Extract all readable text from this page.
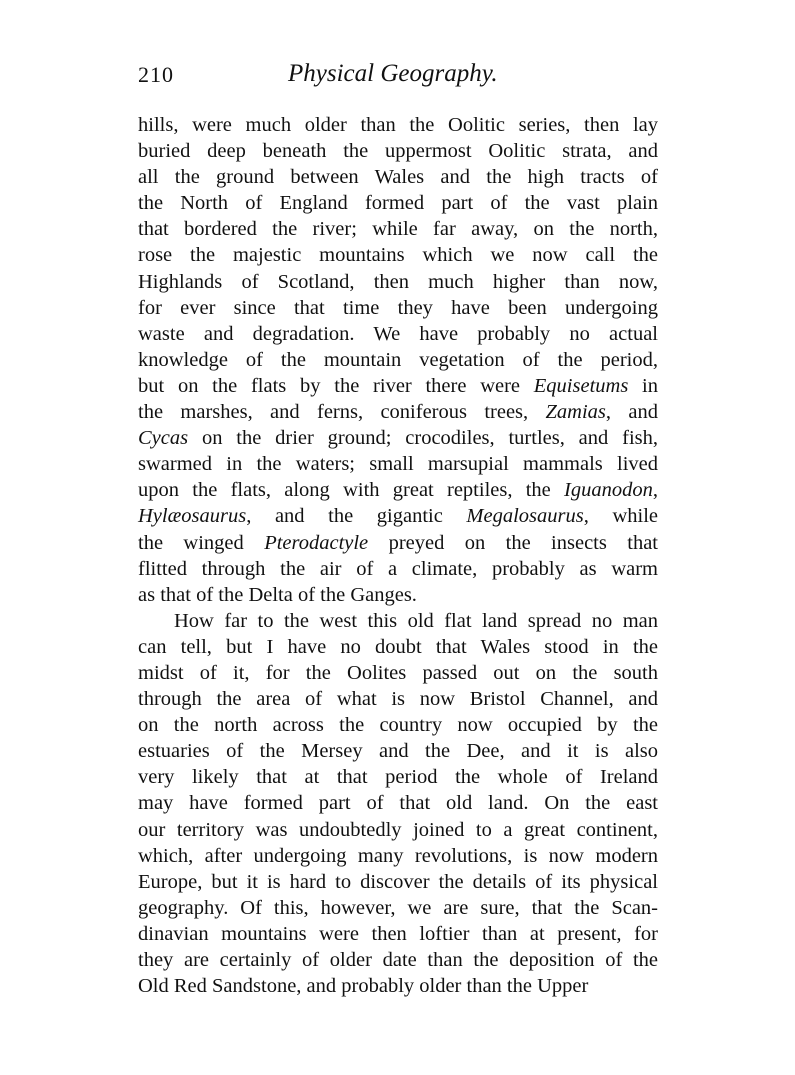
210	Physical Geography.
hills, were much older than the Oolitic series, then lay
buried deep beneath the uppermost Oolitic strata, and
all the ground between Wales and the high tracts of
the North of England formed part of the vast plain
that bordered the river; while far away, on the north,
rose the majestic mountains which we now call the
Highlands of Scotland, then much higher than now,
for ever since that time they have been undergoing
waste and degradation. We have probably no actual
knowledge of the mountain vegetation of the period,
but on the flats by the river there were Equisetums in
the marshes, and ferns, coniferous trees, Zamias, and
Cycas on the drier ground; crocodiles, turtles, and fish,
swarmed in the waters; small marsupial mammals lived
upon the flats, along with great reptiles, the Iguanodon,
Hylæosaurus, and the gigantic Megalosaurus, while
the winged Pterodactyle preyed on the insects that
flitted through the air of a climate, probably as warm
as that of the Delta of the Ganges.
How far to the west this old flat land spread no man
can tell, but I have no doubt that Wales stood in the
midst of it, for the Oolites passed out on the south
through the area of what is now Bristol Channel, and
on the north across the country now occupied by the
estuaries of the Mersey and the Dee, and it is also
very likely that at that period the whole of Ireland
may have formed part of that old land. On the east
our territory was undoubtedly joined to a great continent,
which, after undergoing many revolutions, is now modern
Europe, but it is hard to discover the details of its physical
geography. Of this, however, we are sure, that the Scan-
dinavian mountains were then loftier than at present, for
they are certainly of older date than the deposition of the
Old Red Sandstone, and probably older than the Upper
